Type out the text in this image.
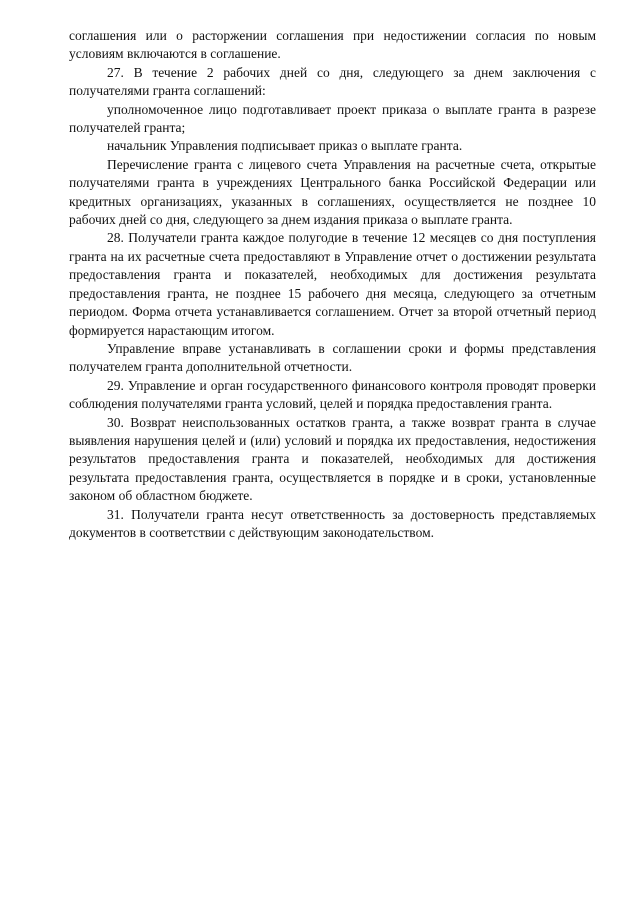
соглашения или о расторжении соглашения при недостижении согласия по новым условиям включаются в соглашение.

27. В течение 2 рабочих дней со дня, следующего за днем заключения с получателями гранта соглашений:

уполномоченное лицо подготавливает проект приказа о выплате гранта в разрезе получателей гранта;

начальник Управления подписывает приказ о выплате гранта.

Перечисление гранта с лицевого счета Управления на расчетные счета, открытые получателями гранта в учреждениях Центрального банка Российской Федерации или кредитных организациях, указанных в соглашениях, осуществляется не позднее 10 рабочих дней со дня, следующего за днем издания приказа о выплате гранта.

28. Получатели гранта каждое полугодие в течение 12 месяцев со дня поступления гранта на их расчетные счета предоставляют в Управление отчет о достижении результата предоставления гранта и показателей, необходимых для достижения результата предоставления гранта, не позднее 15 рабочего дня месяца, следующего за отчетным периодом. Форма отчета устанавливается соглашением. Отчет за второй отчетный период формируется нарастающим итогом.

Управление вправе устанавливать в соглашении сроки и формы представления получателем гранта дополнительной отчетности.

29. Управление и орган государственного финансового контроля проводят проверки соблюдения получателями гранта условий, целей и порядка предоставления гранта.

30. Возврат неиспользованных остатков гранта, а также возврат гранта в случае выявления нарушения целей и (или) условий и порядка их предоставления, недостижения результатов предоставления гранта и показателей, необходимых для достижения результата предоставления гранта, осуществляется в порядке и в сроки, установленные законом об областном бюджете.

31. Получатели гранта несут ответственность за достоверность представляемых документов в соответствии с действующим законодательством.
